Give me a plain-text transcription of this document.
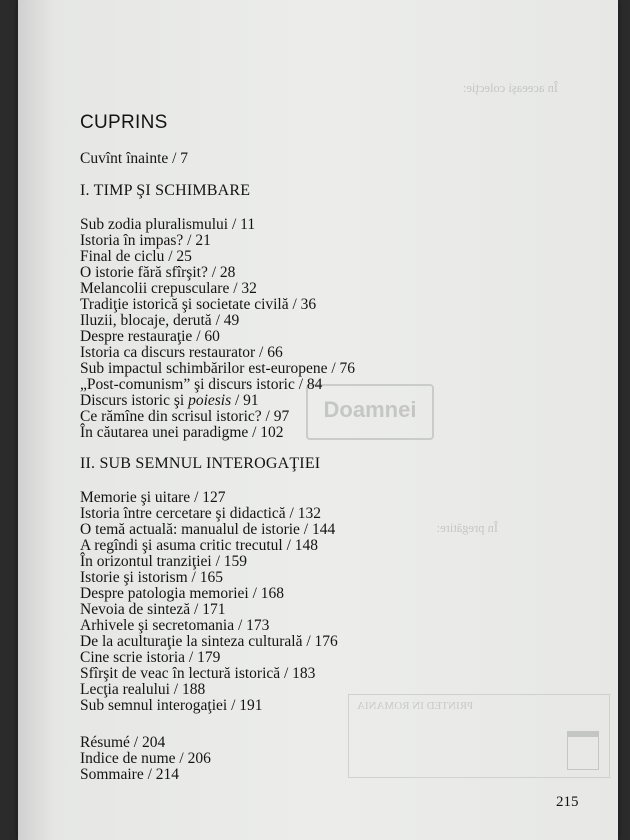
În aceeaşi colecţie:
În pregătire:
Doamnei
PRINTED IN ROMANIA
CUPRINS
Cuvînt înainte / 7
I. TIMP ŞI SCHIMBARE
Sub zodia pluralismului / 11
Istoria în impas? / 21
Final de ciclu / 25
O istorie fără sfîrşit? / 28
Melancolii crepusculare / 32
Tradiţie istorică şi societate civilă / 36
Iluzii, blocaje, derută / 49
Despre restauraţie / 60
Istoria ca discurs restaurator / 66
Sub impactul schimbărilor est-europene / 76
„Post-comunism” şi discurs istoric / 84
Discurs istoric şi poiesis / 91
Ce rămîne din scrisul istoric? / 97
În căutarea unei paradigme / 102
II. SUB SEMNUL INTEROGAŢIEI
Memorie şi uitare / 127
Istoria între cercetare şi didactică / 132
O temă actuală: manualul de istorie / 144
A regîndi şi asuma critic trecutul / 148
În orizontul tranziţiei / 159
Istorie şi istorism / 165
Despre patologia memoriei / 168
Nevoia de sinteză / 171
Arhivele şi secretomania / 173
De la aculturaţie la sinteza culturală / 176
Cine scrie istoria / 179
Sfîrşit de veac în lectură istorică / 183
Lecţia realului / 188
Sub semnul interogaţiei / 191
Résumé / 204
Indice de nume / 206
Sommaire / 214
215
